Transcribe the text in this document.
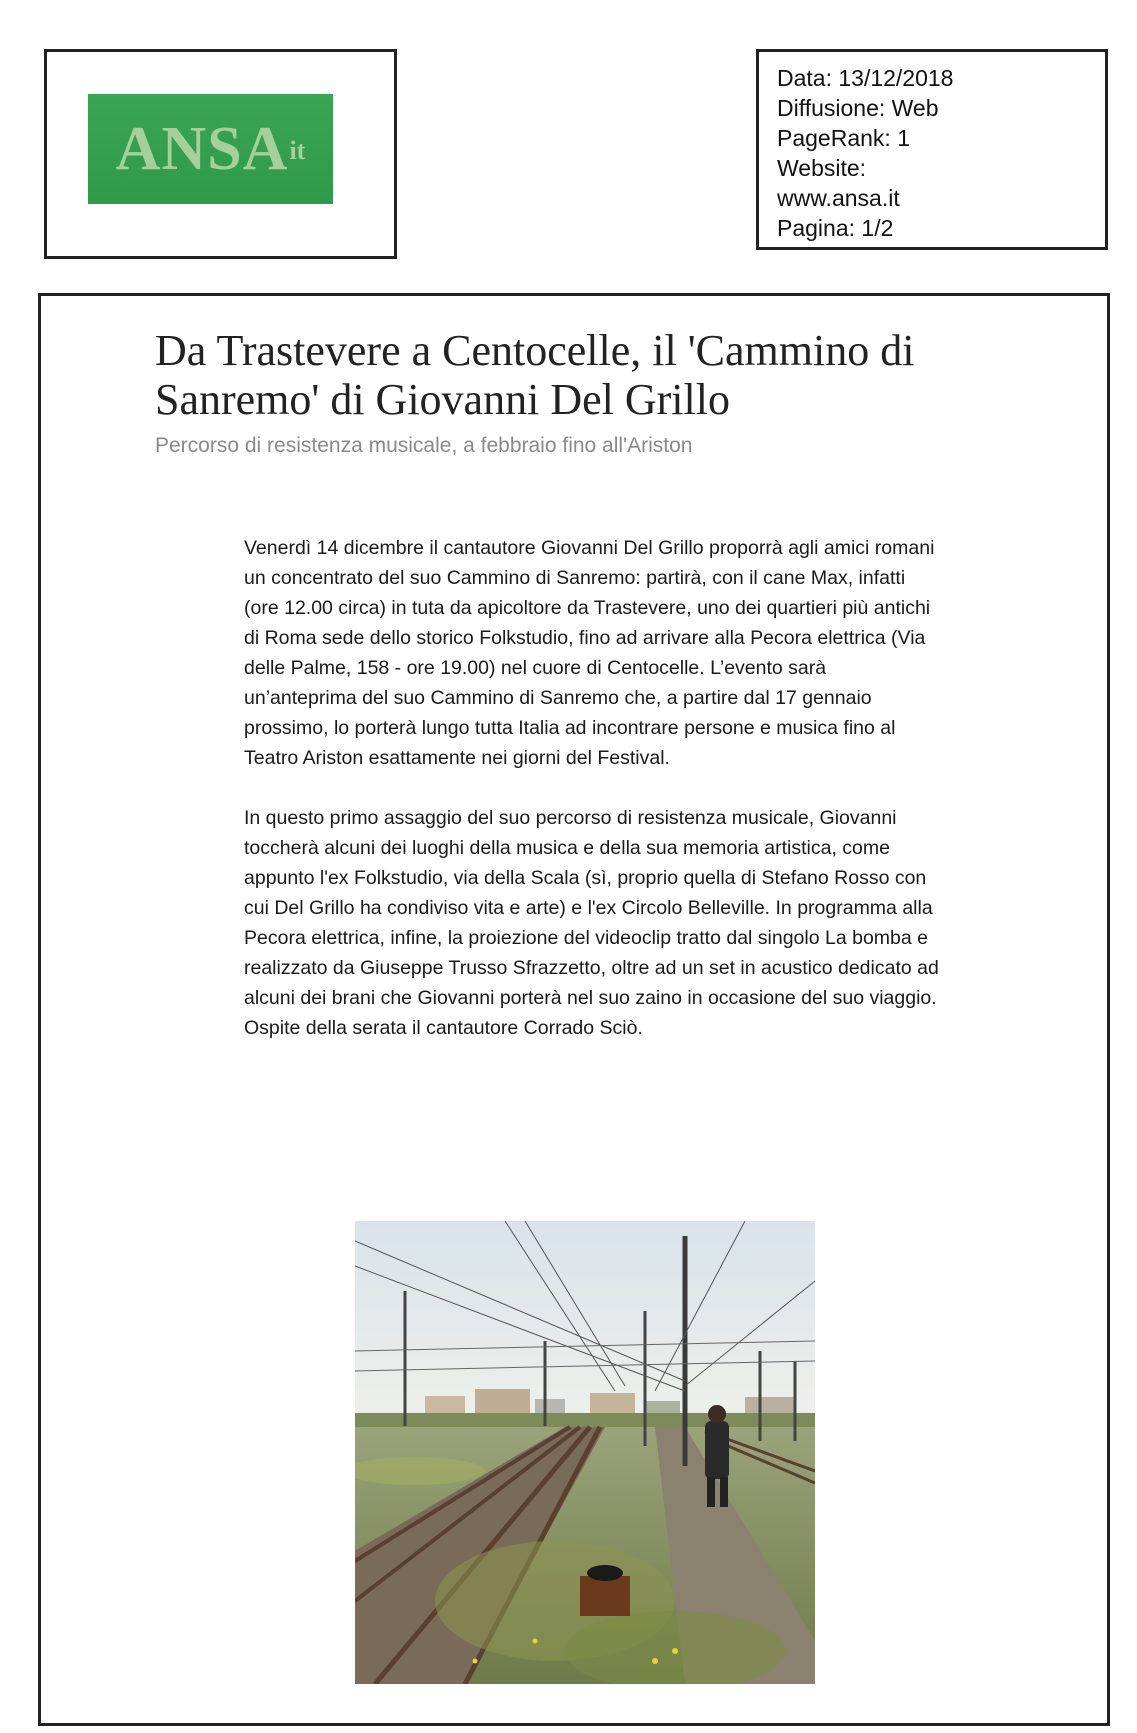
ANSA it
Data: 13/12/2018
Diffusione: Web
PageRank: 1
Website:
www.ansa.it
Pagina: 1/2
Da Trastevere a Centocelle, il 'Cammino di Sanremo' di Giovanni Del Grillo

Percorso di resistenza musicale, a febbraio fino all'Ariston

Venerdì 14 dicembre il cantautore Giovanni Del Grillo proporrà agli amici romani un concentrato del suo Cammino di Sanremo: partirà, con il cane Max, infatti (ore 12.00 circa) in tuta da apicoltore da Trastevere, uno dei quartieri più antichi di Roma sede dello storico Folkstudio, fino ad arrivare alla Pecora elettrica (Via delle Palme, 158 - ore 19.00) nel cuore di Centocelle. L’evento sarà un’anteprima del suo Cammino di Sanremo che, a partire dal 17 gennaio prossimo, lo porterà lungo tutta Italia ad incontrare persone e musica fino al Teatro Ariston esattamente nei giorni del Festival.

In questo primo assaggio del suo percorso di resistenza musicale, Giovanni toccherà alcuni dei luoghi della musica e della sua memoria artistica, come appunto l'ex Folkstudio, via della Scala (sì, proprio quella di Stefano Rosso con cui Del Grillo ha condiviso vita e arte) e l'ex Circolo Belleville. In programma alla Pecora elettrica, infine, la proiezione del videoclip tratto dal singolo La bomba e realizzato da Giuseppe Trusso Sfrazzetto, oltre ad un set in acustico dedicato ad alcuni dei brani che Giovanni porterà nel suo zaino in occasione del suo viaggio. Ospite della serata il cantautore Corrado Sciò.
